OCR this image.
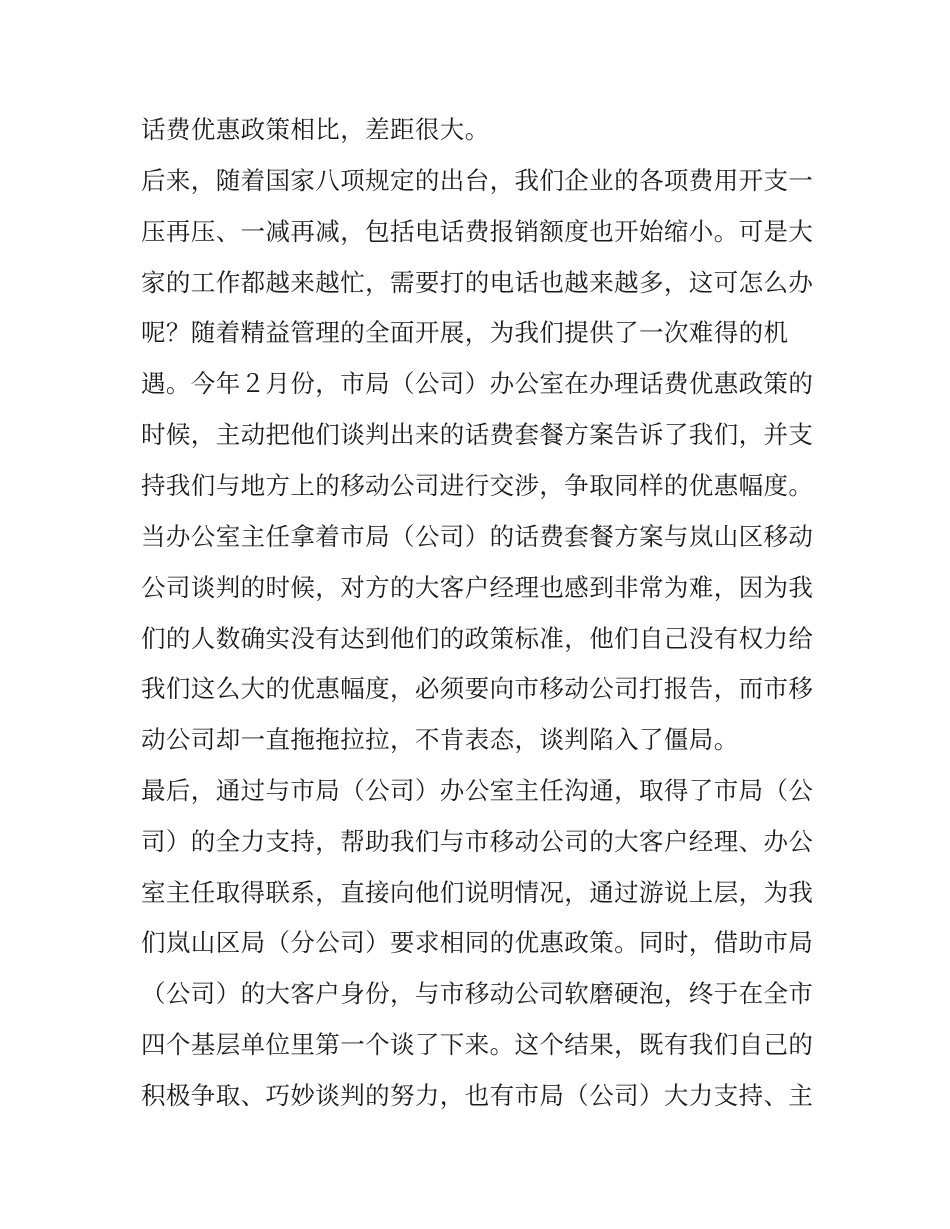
话费优惠政策相比，差距很大。
后来，随着国家八项规定的出台，我们企业的各项费用开支一
压再压、一减再减，包括电话费报销额度也开始缩小。可是大
家的工作都越来越忙，需要打的电话也越来越多，这可怎么办
呢？随着精益管理的全面开展，为我们提供了一次难得的机
遇。今年２月份，市局（公司）办公室在办理话费优惠政策的
时候，主动把他们谈判出来的话费套餐方案告诉了我们，并支
持我们与地方上的移动公司进行交涉，争取同样的优惠幅度。
当办公室主任拿着市局（公司）的话费套餐方案与岚山区移动
公司谈判的时候，对方的大客户经理也感到非常为难，因为我
们的人数确实没有达到他们的政策标准，他们自己没有权力给
我们这么大的优惠幅度，必须要向市移动公司打报告，而市移
动公司却一直拖拖拉拉，不肯表态，谈判陷入了僵局。
最后，通过与市局（公司）办公室主任沟通，取得了市局（公
司）的全力支持，帮助我们与市移动公司的大客户经理、办公
室主任取得联系，直接向他们说明情况，通过游说上层，为我
们岚山区局（分公司）要求相同的优惠政策。同时，借助市局
（公司）的大客户身份，与市移动公司软磨硬泡，终于在全市
四个基层单位里第一个谈了下来。这个结果，既有我们自己的
积极争取、巧妙谈判的努力，也有市局（公司）大力支持、主
